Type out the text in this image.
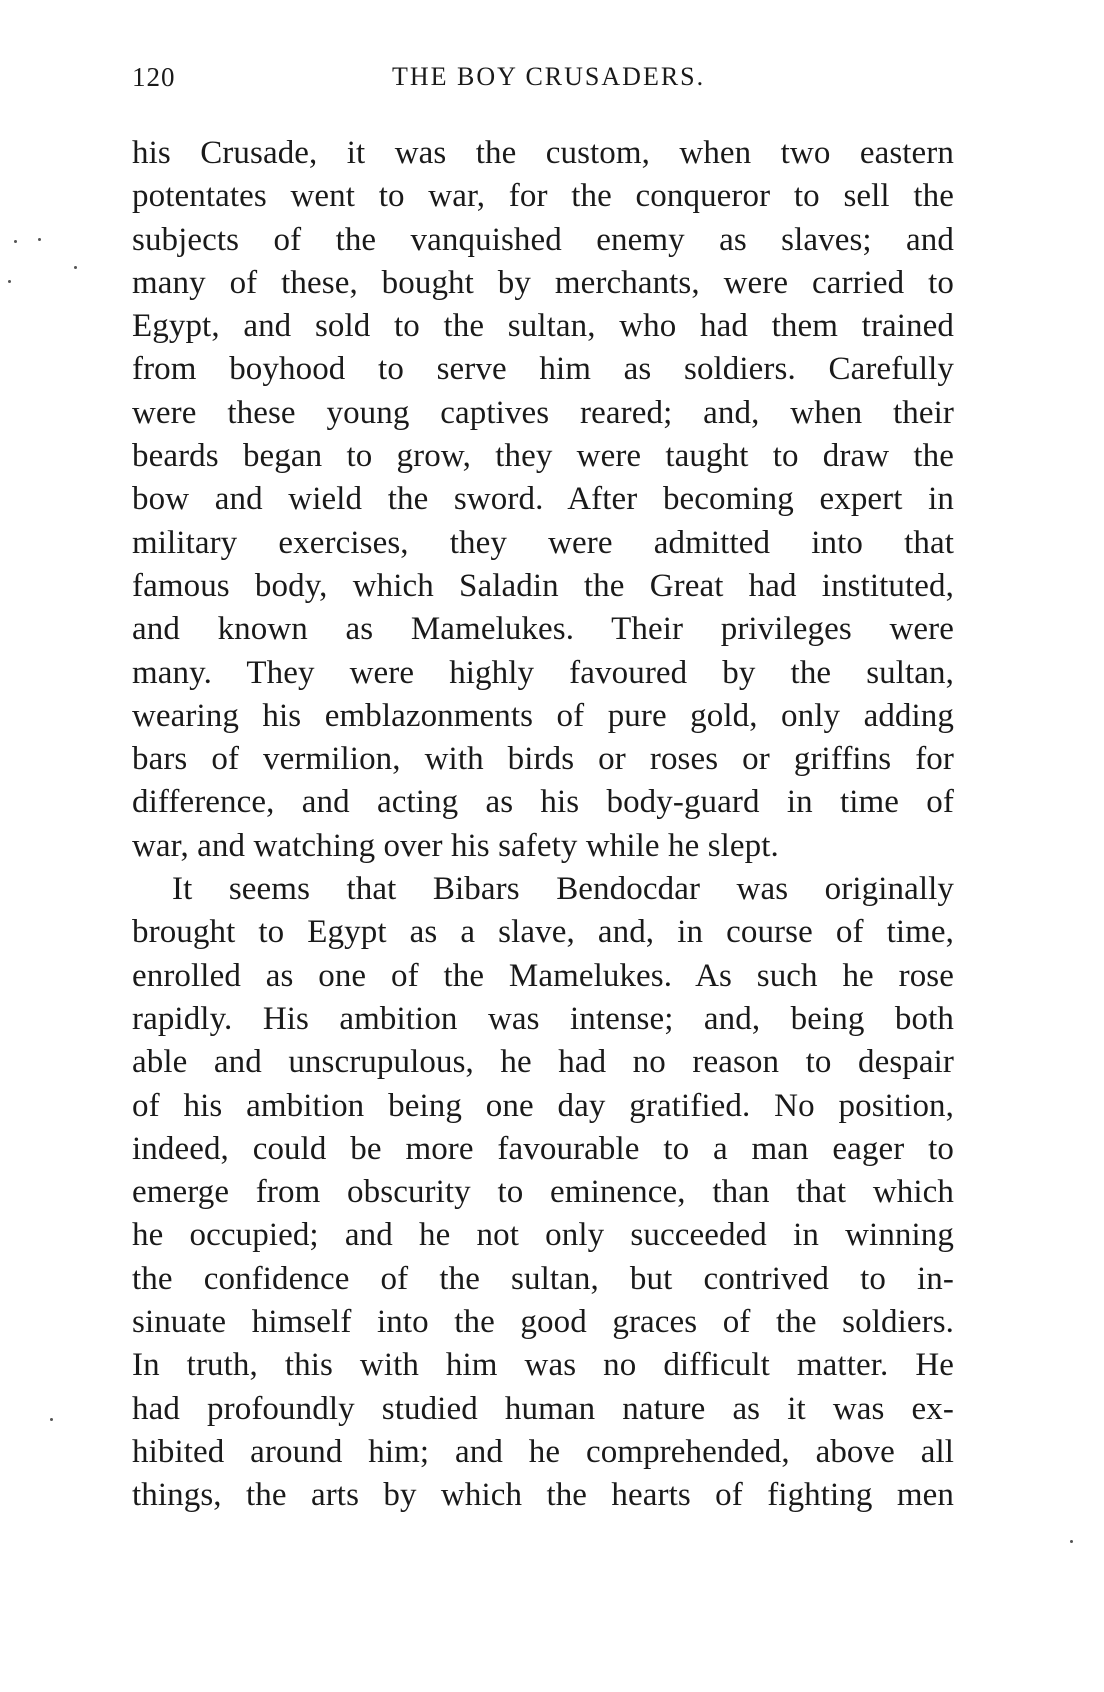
120	THE BOY CRUSADERS.
his Crusade, it was the custom, when two eastern
potentates went to war, for the conqueror to sell the
subjects of the vanquished enemy as slaves; and
many of these, bought by merchants, were carried to
Egypt, and sold to the sultan, who had them trained
from boyhood to serve him as soldiers. Carefully
were these young captives reared; and, when their
beards began to grow, they were taught to draw the
bow and wield the sword. After becoming expert in
military exercises, they were admitted into that
famous body, which Saladin the Great had instituted,
and known as Mamelukes. Their privileges were
many. They were highly favoured by the sultan,
wearing his emblazonments of pure gold, only adding
bars of vermilion, with birds or roses or griffins for
difference, and acting as his body-guard in time of
war, and watching over his safety while he slept.
It seems that Bibars Bendocdar was originally
brought to Egypt as a slave, and, in course of time,
enrolled as one of the Mamelukes. As such he rose
rapidly. His ambition was intense; and, being both
able and unscrupulous, he had no reason to despair
of his ambition being one day gratified. No position,
indeed, could be more favourable to a man eager to
emerge from obscurity to eminence, than that which
he occupied; and he not only succeeded in winning
the confidence of the sultan, but contrived to in-
sinuate himself into the good graces of the soldiers.
In truth, this with him was no difficult matter. He
had profoundly studied human nature as it was ex-
hibited around him; and he comprehended, above all
things, the arts by which the hearts of fighting men
